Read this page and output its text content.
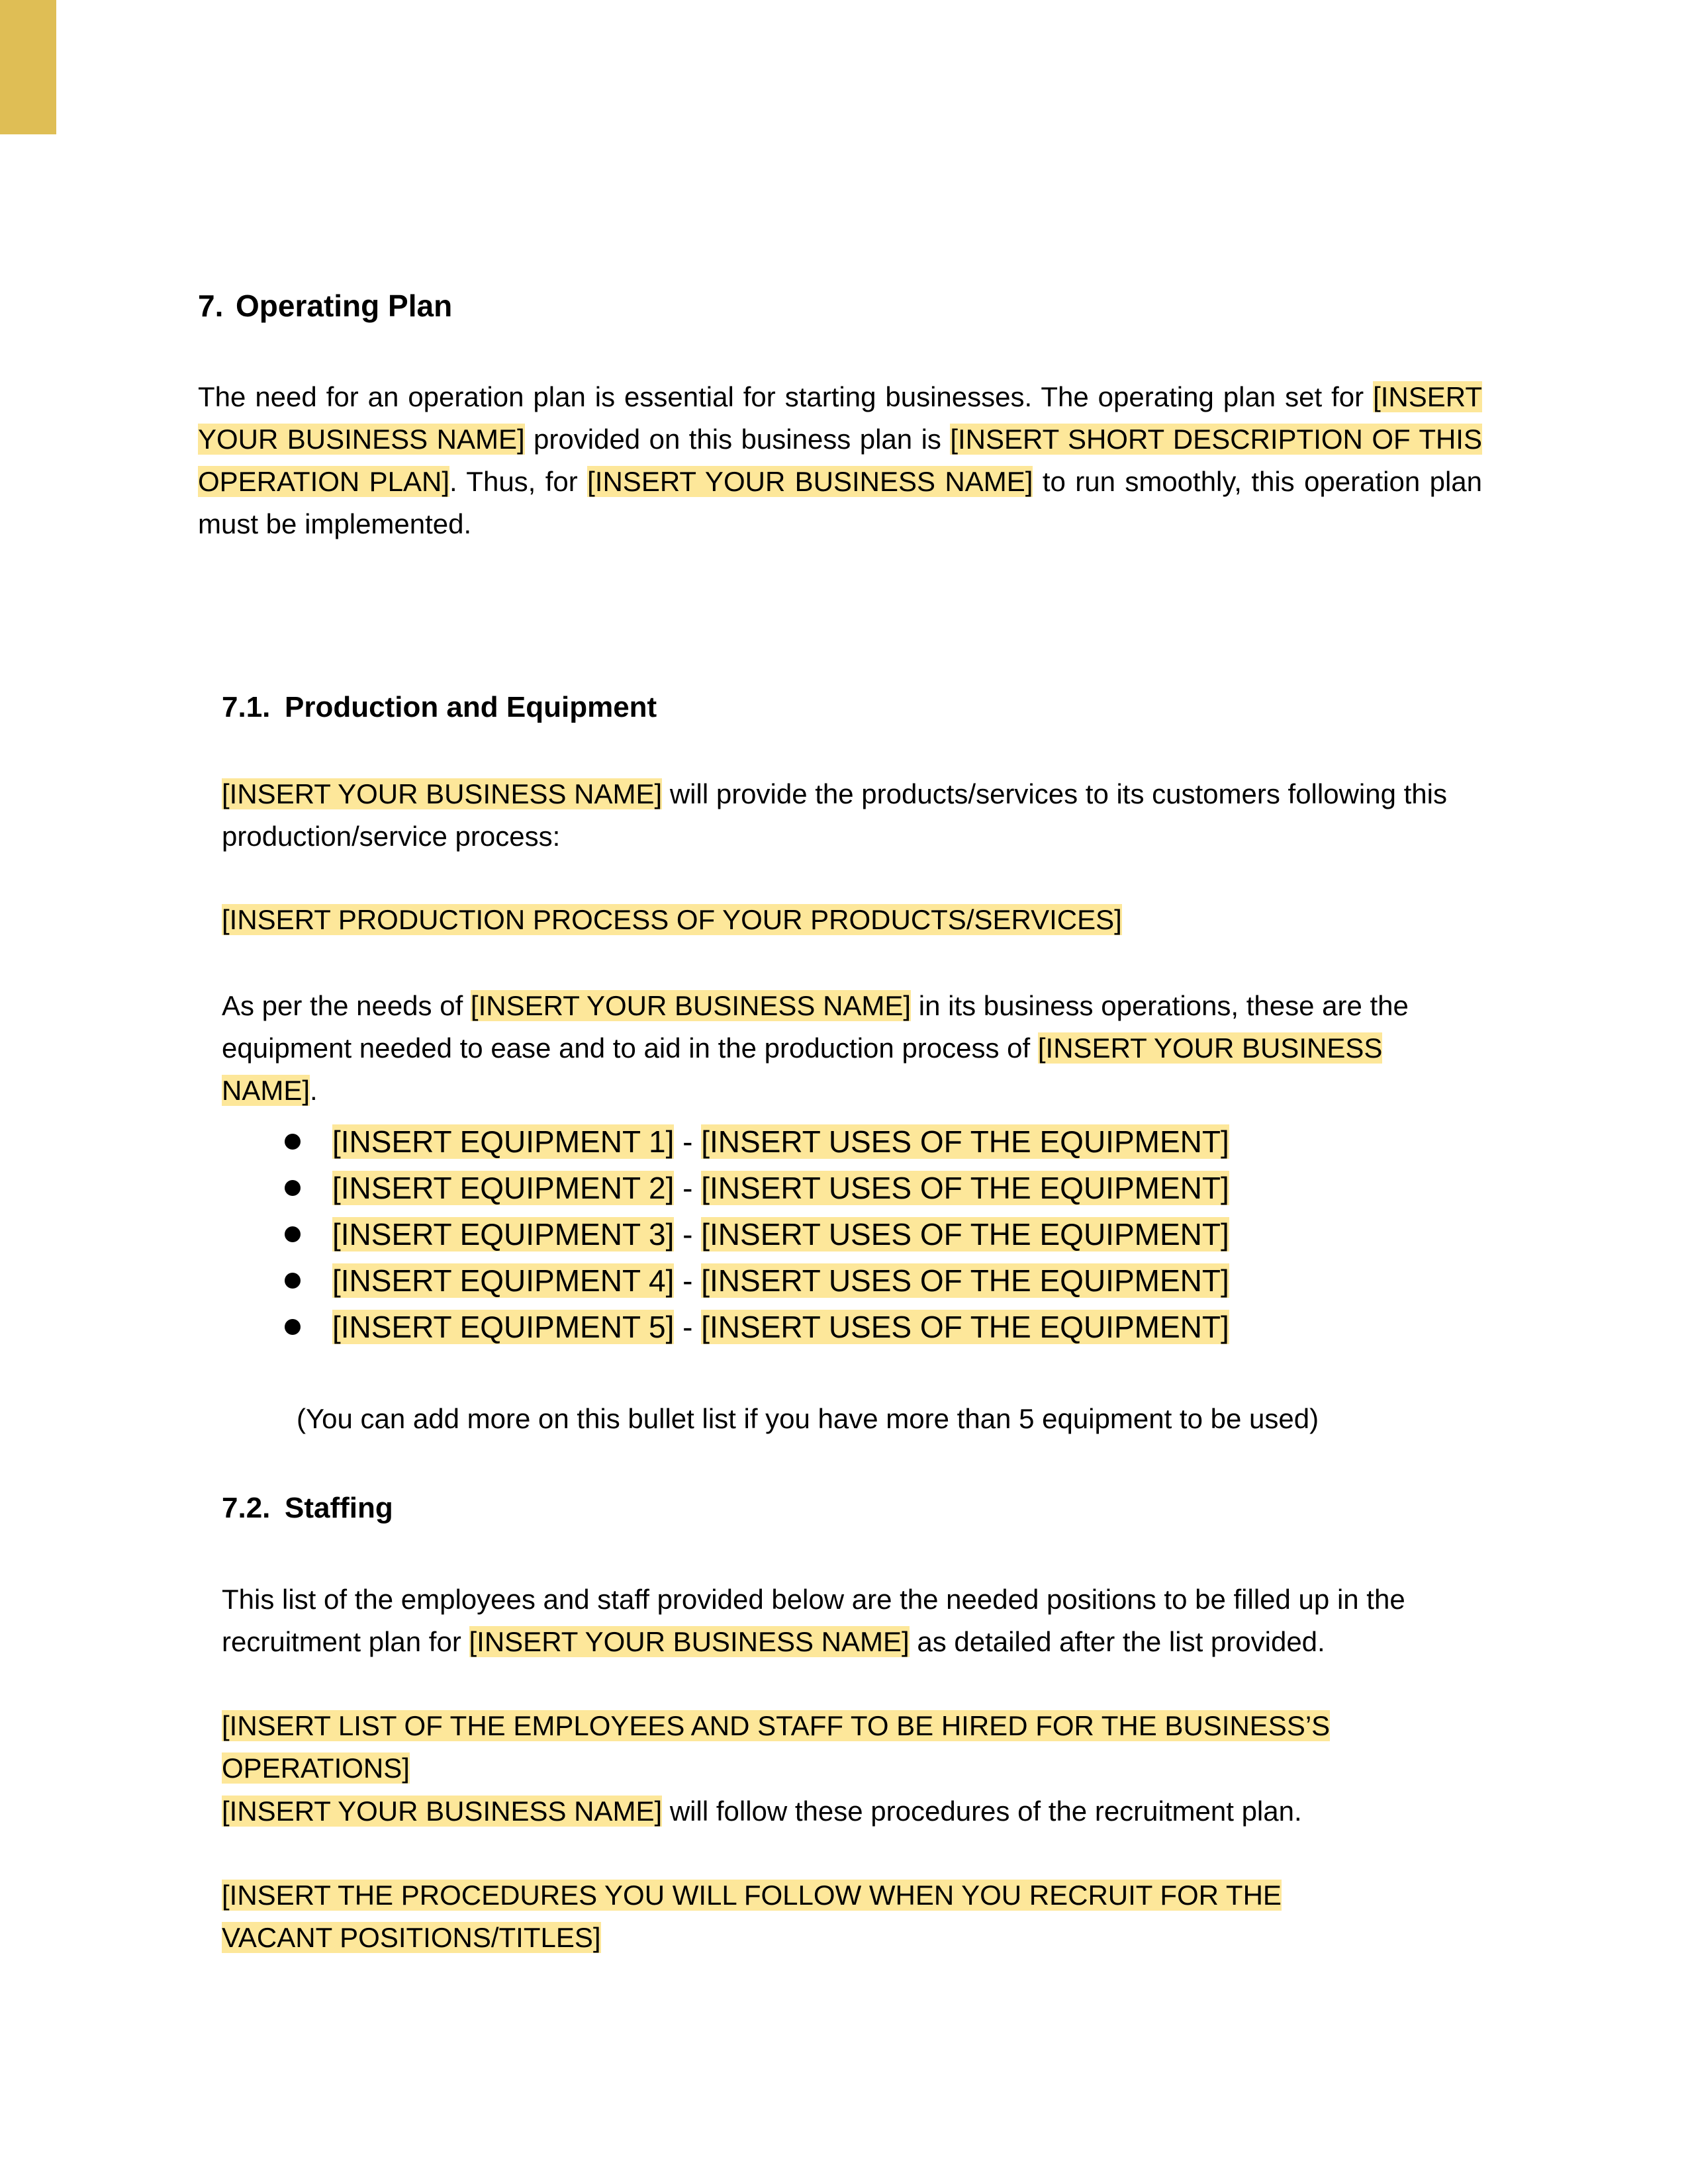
7. Operating Plan
The need for an operation plan is essential for starting businesses. The operating plan set for [INSERT YOUR BUSINESS NAME] provided on this business plan is [INSERT SHORT DESCRIPTION OF THIS OPERATION PLAN]. Thus, for [INSERT YOUR BUSINESS NAME] to run smoothly, this operation plan must be implemented.
7.1. Production and Equipment
[INSERT YOUR BUSINESS NAME] will provide the products/services to its customers following this production/service process:
[INSERT PRODUCTION PROCESS OF YOUR PRODUCTS/SERVICES]
As per the needs of [INSERT YOUR BUSINESS NAME] in its business operations, these are the equipment needed to ease and to aid in the production process of [INSERT YOUR BUSINESS NAME].
[INSERT EQUIPMENT 1] - [INSERT USES OF THE EQUIPMENT]
[INSERT EQUIPMENT 2] - [INSERT USES OF THE EQUIPMENT]
[INSERT EQUIPMENT 3] - [INSERT USES OF THE EQUIPMENT]
[INSERT EQUIPMENT 4] - [INSERT USES OF THE EQUIPMENT]
[INSERT EQUIPMENT 5] - [INSERT USES OF THE EQUIPMENT]
(You can add more on this bullet list if you have more than 5 equipment to be used)
7.2. Staffing
This list of the employees and staff provided below are the needed positions to be filled up in the recruitment plan for [INSERT YOUR BUSINESS NAME] as detailed after the list provided.
[INSERT LIST OF THE EMPLOYEES AND STAFF TO BE HIRED FOR THE BUSINESS’S OPERATIONS]
[INSERT YOUR BUSINESS NAME] will follow these procedures of the recruitment plan.
[INSERT THE PROCEDURES YOU WILL FOLLOW WHEN YOU RECRUIT FOR THE VACANT POSITIONS/TITLES]
